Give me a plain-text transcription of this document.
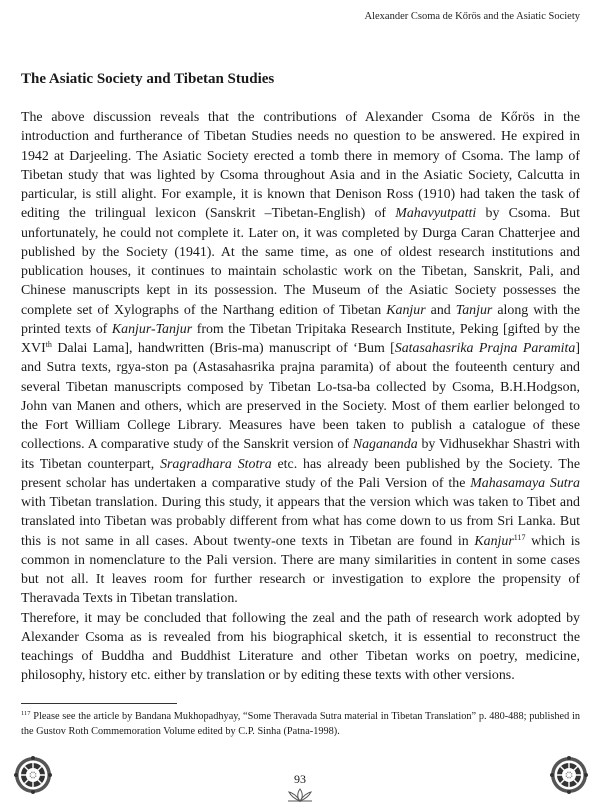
Alexander Csoma de Kőrös and the Asiatic Society
The Asiatic Society and Tibetan Studies

The above discussion reveals that the contributions of Alexander Csoma de Kőrös in the introduction and furtherance of Tibetan Studies needs no question to be answered. He expired in 1942 at Darjeeling. The Asiatic Society erected a tomb there in memory of Csoma. The lamp of Tibetan study that was lighted by Csoma throughout Asia and in the Asiatic Society, Calcutta in particular, is still alight. For example, it is known that Denison Ross (1910) had taken the task of editing the trilingual lexicon (Sanskrit –Tibetan-English) of Mahavyutpatti by Csoma. But unfortunately, he could not complete it. Later on, it was completed by Durga Caran Chatterjee and published by the Society (1941). At the same time, as one of oldest research institutions and publication houses, it continues to maintain scholastic work on the Tibetan, Sanskrit, Pali, and Chinese manuscripts kept in its possession. The Museum of the Asiatic Society possesses the complete set of Xylographs of the Narthang edition of Tibetan Kanjur and Tanjur along with the printed texts of Kanjur-Tanjur from the Tibetan Tripitaka Research Institute, Peking [gifted by the XVIth Dalai Lama], handwritten (Bris-ma) manuscript of ‘Bum [Satasahasrika Prajna Paramita] and Sutra texts, rgya-ston pa (Astasahasrika prajna paramita) of about the fouteenth century and several Tibetan manuscripts composed by Tibetan Lo-tsa-ba collected by Csoma, B.H.Hodgson, John van Manen and others, which are preserved in the Society. Most of them earlier belonged to the Fort William College Library. Measures have been taken to publish a catalogue of these collections. A comparative study of the Sanskrit version of Naganandа by Vidhusekhar Shastri with its Tibetan counterpart, Sragradhara Stotra etc. has already been published by the Society. The present scholar has undertaken a comparative study of the Pali Version of the Mahasamaya Sutra with Tibetan translation. During this study, it appears that the version which was taken to Tibet and translated into Tibetan was probably different from what has come down to us from Sri Lanka. But this is not same in all cases. About twenty-one texts in Tibetan are found in Kanjur$^{117}$ which is common in nomenclature to the Pali version. There are many similarities in content in some cases but not all. It leaves room for further research or investigation to explore the propensity of Theravada Texts in Tibetan translation.

Therefore, it may be concluded that following the zeal and the path of research work adopted by Alexander Csoma as is revealed from his biographical sketch, it is essential to reconstruct the teachings of Buddha and Buddhist Literature and other Tibetan works on poetry, medicine, philosophy, history etc. either by translation or by editing these texts with other versions.

$^{117}$ Please see the article by Bandana Mukhopadhyay, “Some Theravada Sutra material in Tibetan Translation” p. 480-488; published in the Gustov Roth Commemoration Volume edited by C.P. Sinha (Patna-1998).
93
